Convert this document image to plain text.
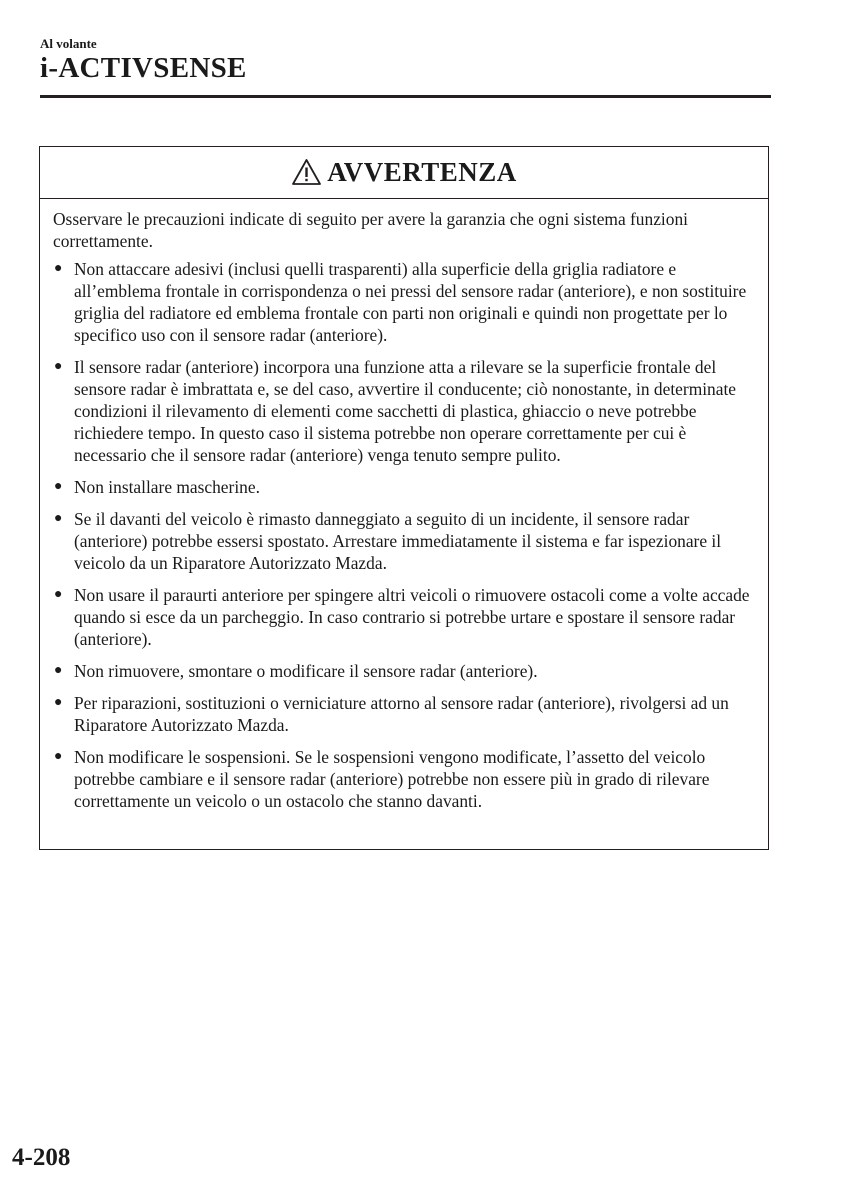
Al volante
i-ACTIVSENSE
AVVERTENZA

Osservare le precauzioni indicate di seguito per avere la garanzia che ogni sistema funzioni correttamente.

● Non attaccare adesivi (inclusi quelli trasparenti) alla superficie della griglia radiatore e all’emblema frontale in corrispondenza o nei pressi del sensore radar (anteriore), e non sostituire griglia del radiatore ed emblema frontale con parti non originali e quindi non progettate per lo specifico uso con il sensore radar (anteriore).
● Il sensore radar (anteriore) incorpora una funzione atta a rilevare se la superficie frontale del sensore radar è imbrattata e, se del caso, avvertire il conducente; ciò nonostante, in determinate condizioni il rilevamento di elementi come sacchetti di plastica, ghiaccio o neve potrebbe richiedere tempo. In questo caso il sistema potrebbe non operare correttamente per cui è necessario che il sensore radar (anteriore) venga tenuto sempre pulito.
● Non installare mascherine.
● Se il davanti del veicolo è rimasto danneggiato a seguito di un incidente, il sensore radar (anteriore) potrebbe essersi spostato. Arrestare immediatamente il sistema e far ispezionare il veicolo da un Riparatore Autorizzato Mazda.
● Non usare il paraurti anteriore per spingere altri veicoli o rimuovere ostacoli come a volte accade quando si esce da un parcheggio. In caso contrario si potrebbe urtare e spostare il sensore radar (anteriore).
● Non rimuovere, smontare o modificare il sensore radar (anteriore).
● Per riparazioni, sostituzioni o verniciature attorno al sensore radar (anteriore), rivolgersi ad un Riparatore Autorizzato Mazda.
● Non modificare le sospensioni. Se le sospensioni vengono modificate, l’assetto del veicolo potrebbe cambiare e il sensore radar (anteriore) potrebbe non essere più in grado di rilevare correttamente un veicolo o un ostacolo che stanno davanti.
4-208
